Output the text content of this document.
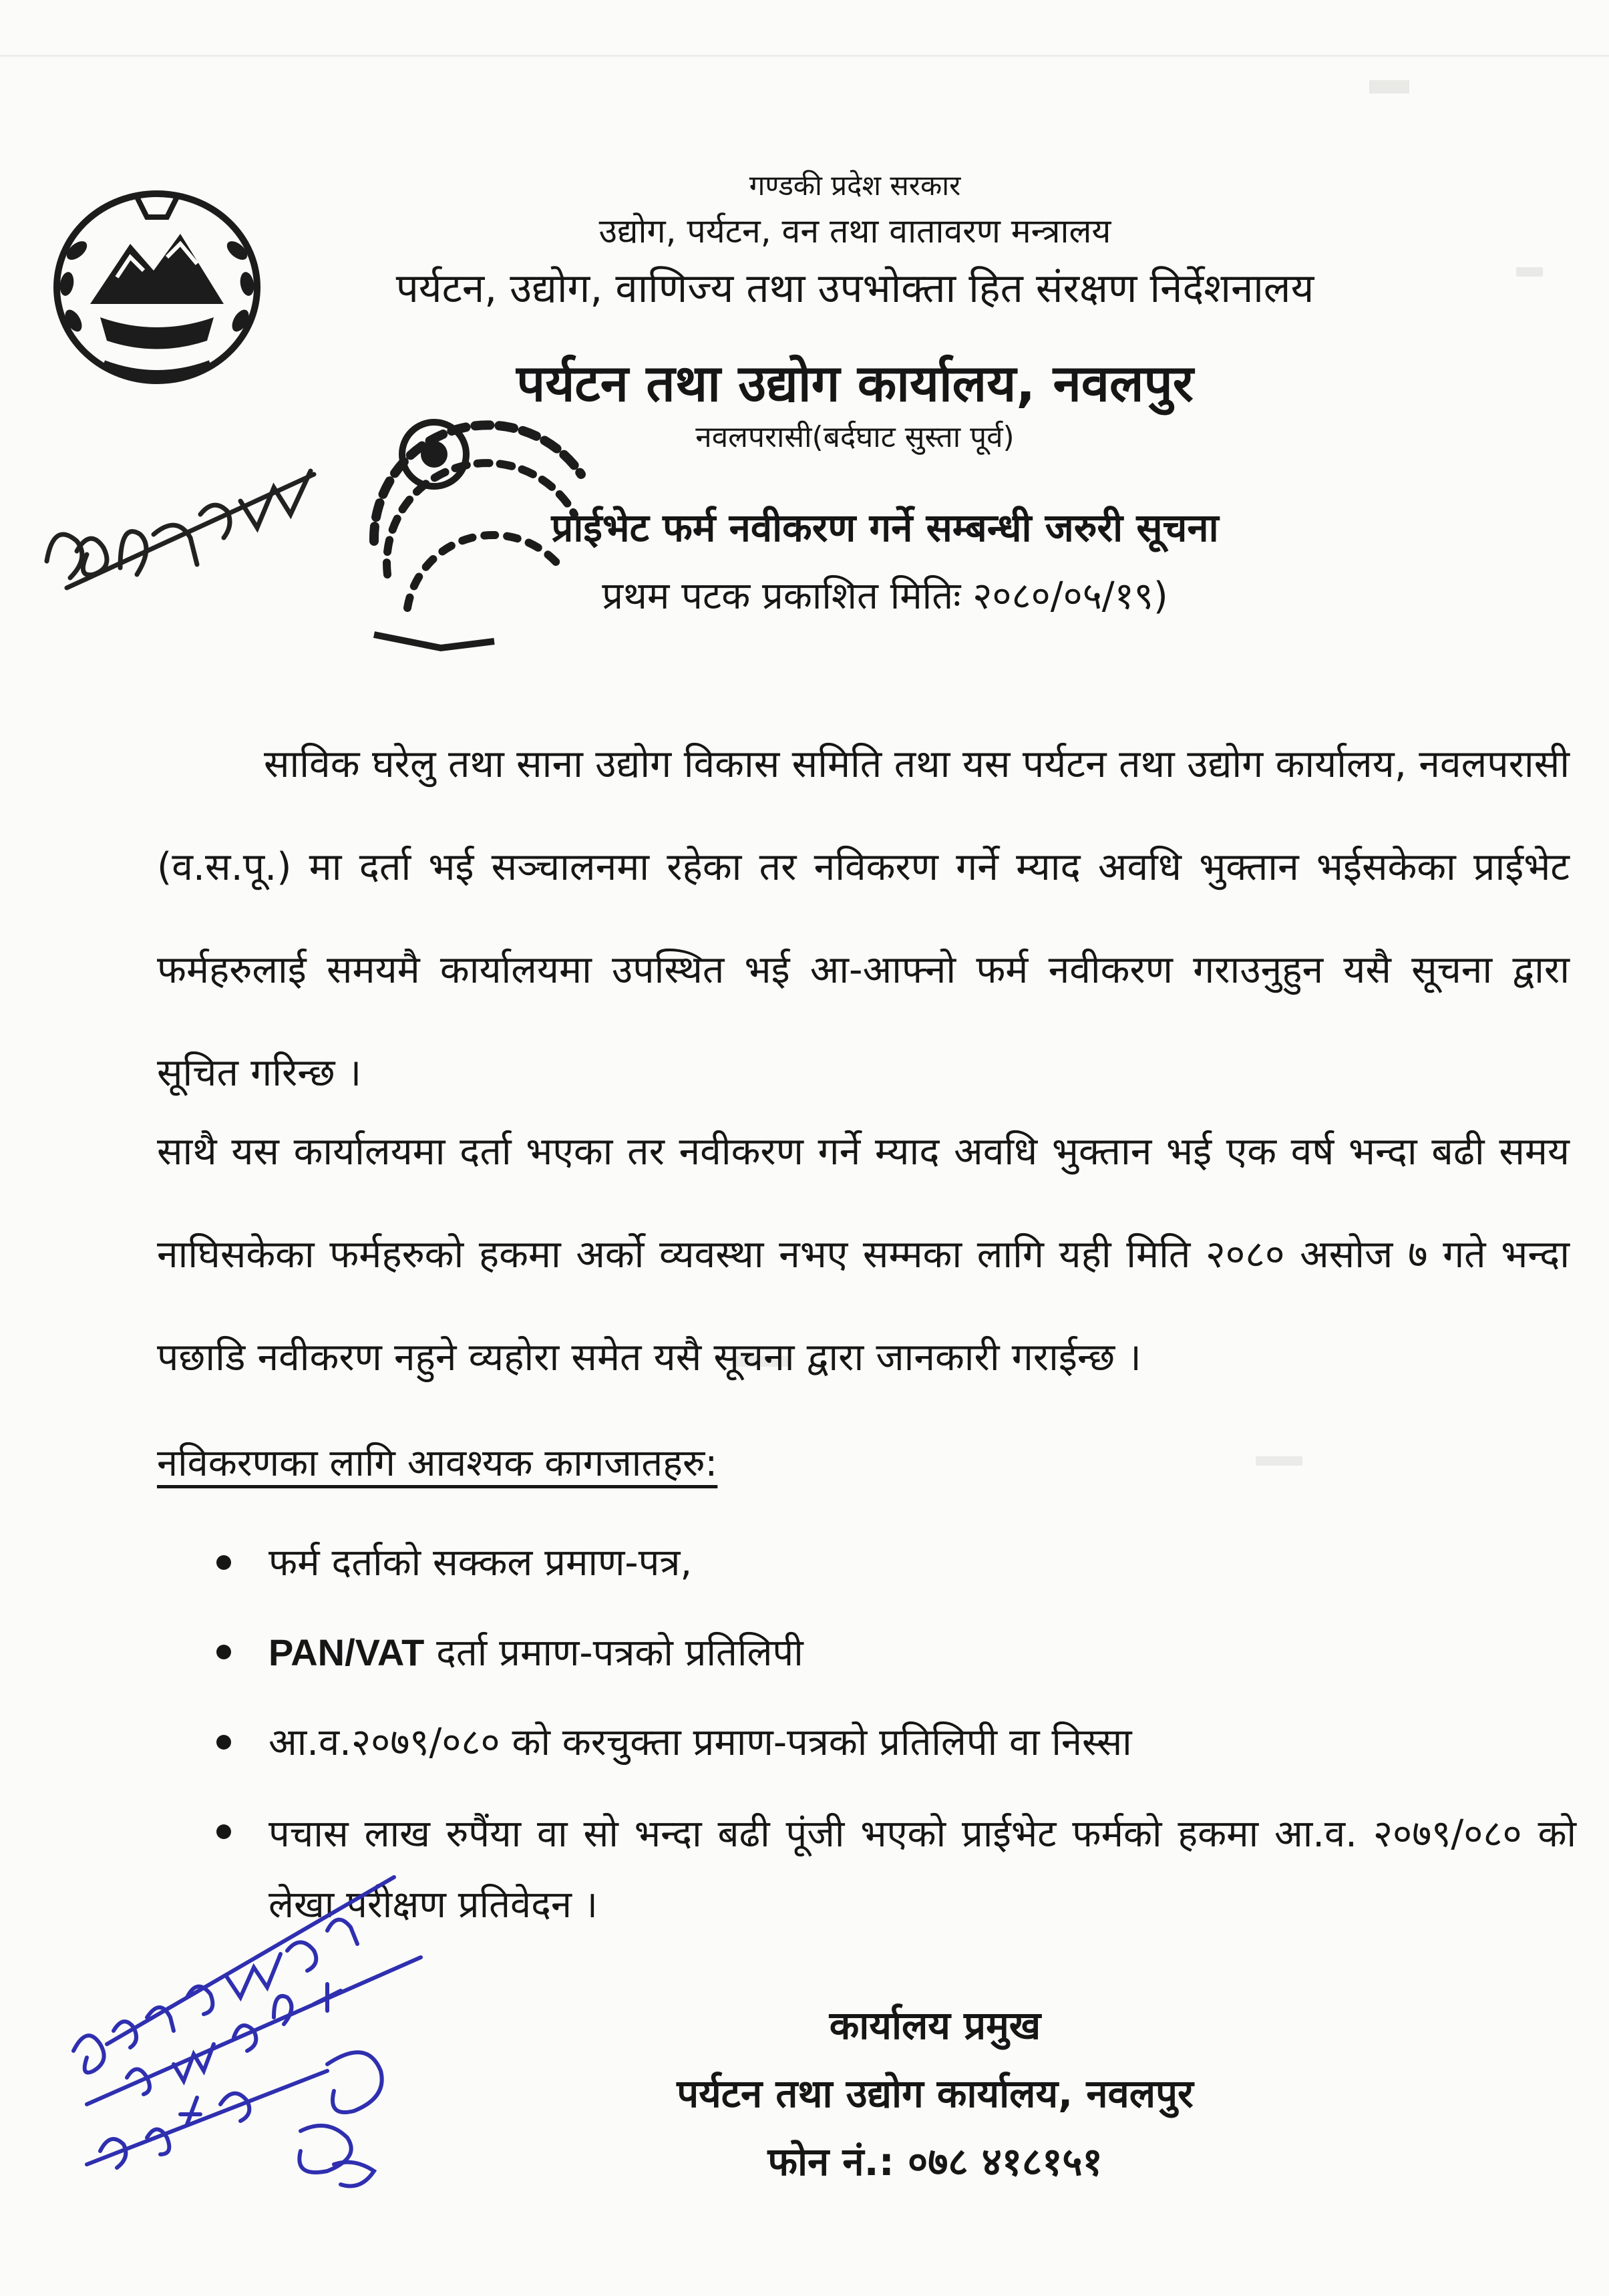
गण्डकी प्रदेश सरकार
उद्योग, पर्यटन, वन तथा वातावरण मन्त्रालय
पर्यटन, उद्योग, वाणिज्य तथा उपभोक्ता हित संरक्षण निर्देशनालय
पर्यटन तथा उद्योग कार्यालय, नवलपुर
नवलपरासी(बर्दघाट सुस्ता पूर्व)
प्राईभेट फर्म नवीकरण गर्ने सम्बन्धी जरुरी सूचना
प्रथम पटक प्रकाशित मितिः २०८०/०५/१९)

साविक घरेलु तथा साना उद्योग विकास समिति तथा यस पर्यटन तथा उद्योग कार्यालय, नवलपरासी (व.स.पू.) मा दर्ता भई सञ्चालनमा रहेका तर नविकरण गर्ने म्याद अवधि भुक्तान भईसकेका प्राईभेट फर्महरुलाई समयमै कार्यालयमा उपस्थित भई आ-आफ्नो फर्म नवीकरण गराउनुहुन यसै सूचना द्वारा सूचित गरिन्छ ।

साथै यस कार्यालयमा दर्ता भएका तर नवीकरण गर्ने म्याद अवधि भुक्तान भई एक वर्ष भन्दा बढी समय नाघिसकेका फर्महरुको हकमा अर्को व्यवस्था नभए सम्मका लागि यही मिति २०८० असोज ७ गते भन्दा पछाडि नवीकरण नहुने व्यहोरा समेत यसै सूचना द्वारा जानकारी गराईन्छ ।

नविकरणका लागि आवश्यक कागजातहरु:
फर्म दर्ताको सक्कल प्रमाण-पत्र,
PAN/VAT दर्ता प्रमाण-पत्रको प्रतिलिपी
आ.व.२०७९/०८० को करचुक्ता प्रमाण-पत्रको प्रतिलिपी वा निस्सा
पचास लाख रुपैंया वा सो भन्दा बढी पूंजी भएको प्राईभेट फर्मको हकमा आ.व. २०७९/०८० को लेखा परीक्षण प्रतिवेदन ।
कार्यालय प्रमुख
पर्यटन तथा उद्योग कार्यालय, नवलपुर
फोन नं.: ०७८ ४१८१५१
